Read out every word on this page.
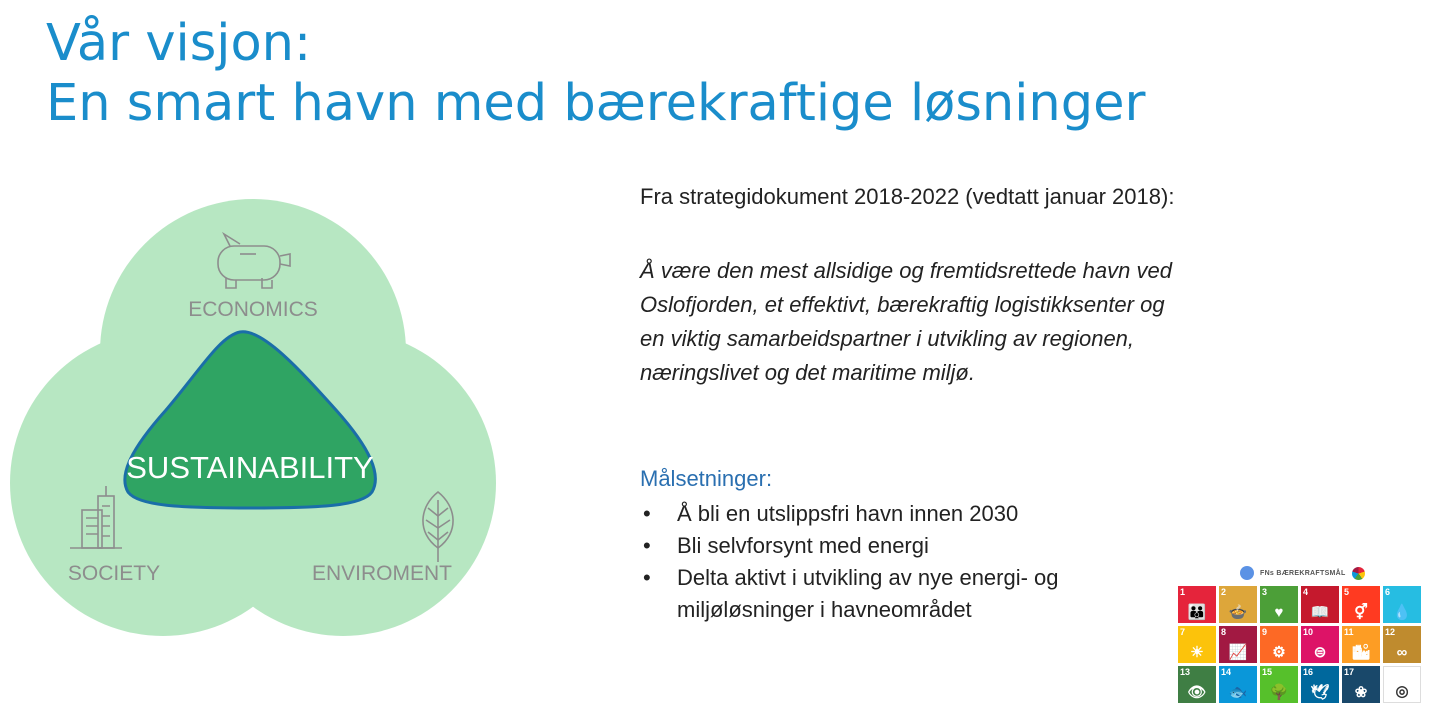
Vår visjon:
En smart havn med bærekraftige løsninger
ECONOMICS
SOCIETY	ENVIROMENT
SUSTAINABILITY
Fra strategidokument 2018-2022 (vedtatt januar 2018):
Å være den mest allsidige og fremtidsrettede havn ved
Oslofjorden, et effektivt, bærekraftig logistikksenter og
en viktig samarbeidspartner i utvikling av regionen,
næringslivet og det maritime miljø.
Målsetninger:
• Å bli en utslippsfri havn innen 2030
• Bli selvforsynt med energi
• Delta aktivt i utvikling av nye energi- og
miljøløsninger i havneområdet
FNs BÆREKRAFTSMÅL
1
👪
2
🍲
3
♥
4
📖
5
⚥
6
💧
7
☀
8
📈
9
⚙
10
⊜
11
🏙
12
∞
13
👁
14
🐟
15
🌳
16
🕊
17
❀	◎
